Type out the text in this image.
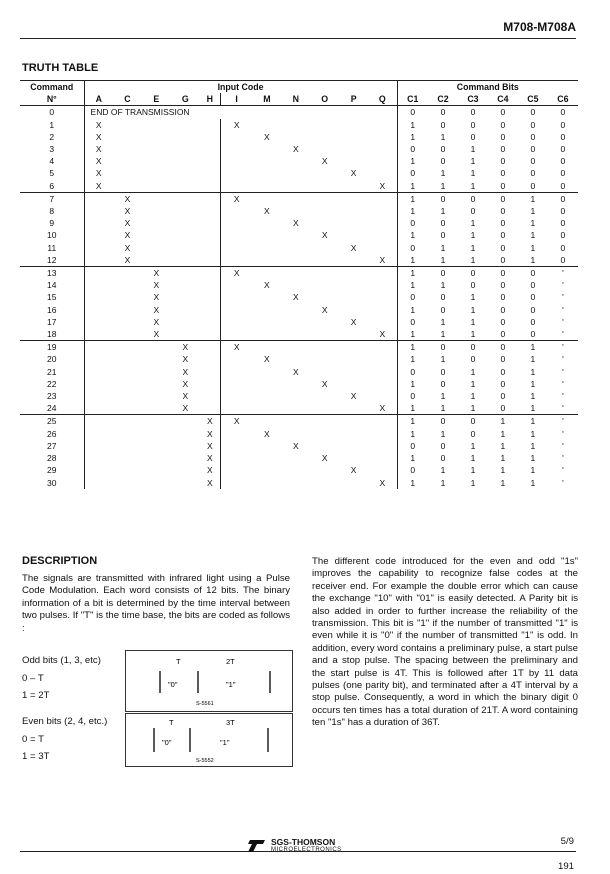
M708-M708A
TRUTH TABLE
Command	Input Code											Command Bits					
N°	A	C	E	G	H	I	M	N	O	P	Q	C1	C2	C3	C4	C5	C6
0	END OF TRANSMISSION											0	0	0	0	0	0
1	X					X						1	0	0	0	0	0
2	X						X					1	1	0	0	0	0
3	X							X				0	0	1	0	0	0
4	X								X			1	0	1	0	0	0
5	X									X		0	1	1	0	0	0
6	X										X	1	1	1	0	0	0
7		X				X						1	0	0	0	1	0
8		X					X					1	1	0	0	1	0
9		X						X				0	0	1	0	1	0
10		X							X			1	0	1	0	1	0
11		X								X		0	1	1	0	1	0
12		X									X	1	1	1	0	1	0
13			X			X						1	0	0	0	0	'
14			X				X					1	1	0	0	0	'
15			X					X				0	0	1	0	0	'
16			X						X			1	0	1	0	0	'
17			X							X		0	1	1	0	0	'
18			X								X	1	1	1	0	0	'
19				X		X						1	0	0	0	1	'
20				X			X					1	1	0	0	1	'
21				X				X				0	0	1	0	1	'
22				X					X			1	0	1	0	1	'
23				X						X		0	1	1	0	1	'
24				X							X	1	1	1	0	1	'
25					X	X						1	0	0	1	1	'
26					X		X					1	1	0	1	1	'
27					X			X				0	0	1	1	1	'
28					X				X			1	0	1	1	1	'
29					X					X		0	1	1	1	1	'
30					X						X	1	1	1	1	1	'
DESCRIPTION
The signals are transmitted with infrared light using a Pulse Code Modulation. Each word consists of 12 bits. The binary information of a bit is determined by the time interval between two pulses. If "T" is the time base, the bits are coded as follows :
The different code introduced for the even and odd "1s" improves the capability to recognize false codes at the receiver end. For example the double error which can cause the exchange "10" with "01" is easily detected. A Parity bit is also added in order to further increase the reliability of the transmission. This bit is "1" if the number of transmitted "1" is even while it is "0" if the number of transmitted "1" is odd. In addition, every word contains a preliminary pulse, a start pulse and a stop pulse. The spacing between the preliminary and the start pulse is 4T. This is followed after 1T by 11 data pulses (one parity bit), and terminated after a 4T interval by a stop pulse. Consequently, a word in which the binary digit 0 occurs ten times has a total duration of 21T. A word containing ten "1s" has a duration of 36T.
Odd bits (1, 3, etc)
0 – T
1 = 2T
T	2T
"0"	"1"
S-5561
Even bits (2, 4, etc.)
0 = T
1 = 3T
T	3T
"0"	"1"
S-5552
SGS-THOMSON
MICROELECTRONICS
5/9
191
